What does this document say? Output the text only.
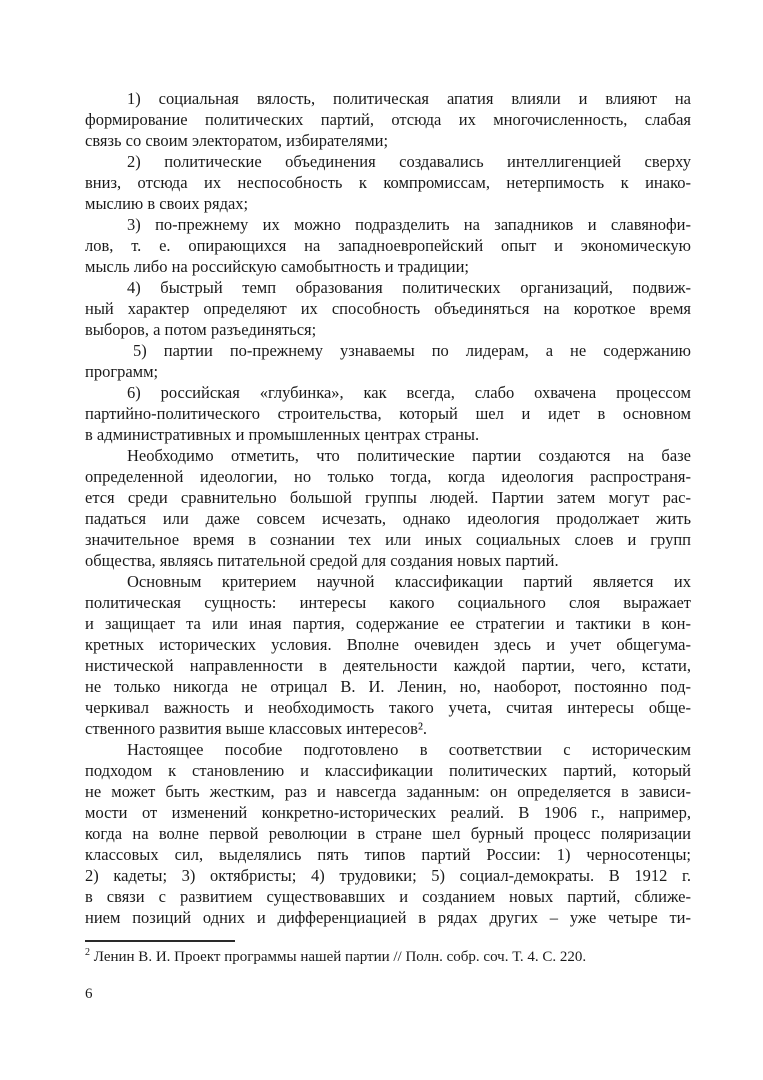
1) социальная вялость, политическая апатия влияли и влияют на
формирование политических партий, отсюда их многочисленность, слабая
связь со своим электоратом, избирателями;
2) политические объединения создавались интеллигенцией сверху
вниз, отсюда их неспособность к компромиссам, нетерпимость к инако-
мыслию в своих рядах;
3) по-прежнему их можно подразделить на западников и славянофи-
лов, т. е. опирающихся на западноевропейский опыт и экономическую
мысль либо на российскую самобытность и традиции;
4) быстрый темп образования политических организаций, подвиж-
ный характер определяют их способность объединяться на короткое время
выборов, а потом разъединяться;
5) партии по-прежнему узнаваемы по лидерам, а не содержанию
программ;
6) российская «глубинка», как всегда, слабо охвачена процессом
партийно-политического строительства, который шел и идет в основном
в административных и промышленных центрах страны.
Необходимо отметить, что политические партии создаются на базе
определенной идеологии, но только тогда, когда идеология распространя-
ется среди сравнительно большой группы людей. Партии затем могут рас-
падаться или даже совсем исчезать, однако идеология продолжает жить
значительное время в сознании тех или иных социальных слоев и групп
общества, являясь питательной средой для создания новых партий.
Основным критерием научной классификации партий является их
политическая сущность: интересы какого социального слоя выражает
и защищает та или иная партия, содержание ее стратегии и тактики в кон-
кретных исторических условия. Вполне очевиден здесь и учет общегума-
нистической направленности в деятельности каждой партии, чего, кстати,
не только никогда не отрицал В. И. Ленин, но, наоборот, постоянно под-
черкивал важность и необходимость такого учета, считая интересы обще-
ственного развития выше классовых интересов².
Настоящее пособие подготовлено в соответствии с историческим
подходом к становлению и классификации политических партий, который
не может быть жестким, раз и навсегда заданным: он определяется в зависи-
мости от изменений конкретно-исторических реалий. В 1906 г., например,
когда на волне первой революции в стране шел бурный процесс поляризации
классовых сил, выделялись пять типов партий России: 1) черносотенцы;
2) кадеты; 3) октябристы; 4) трудовики; 5) социал-демократы. В 1912 г.
в связи с развитием существовавших и созданием новых партий, сближе-
нием позиций одних и дифференциацией в рядах других – уже четыре ти-
$^2$ Ленин В. И. Проект программы нашей партии // Полн. собр. соч. Т. 4. С. 220.
6
